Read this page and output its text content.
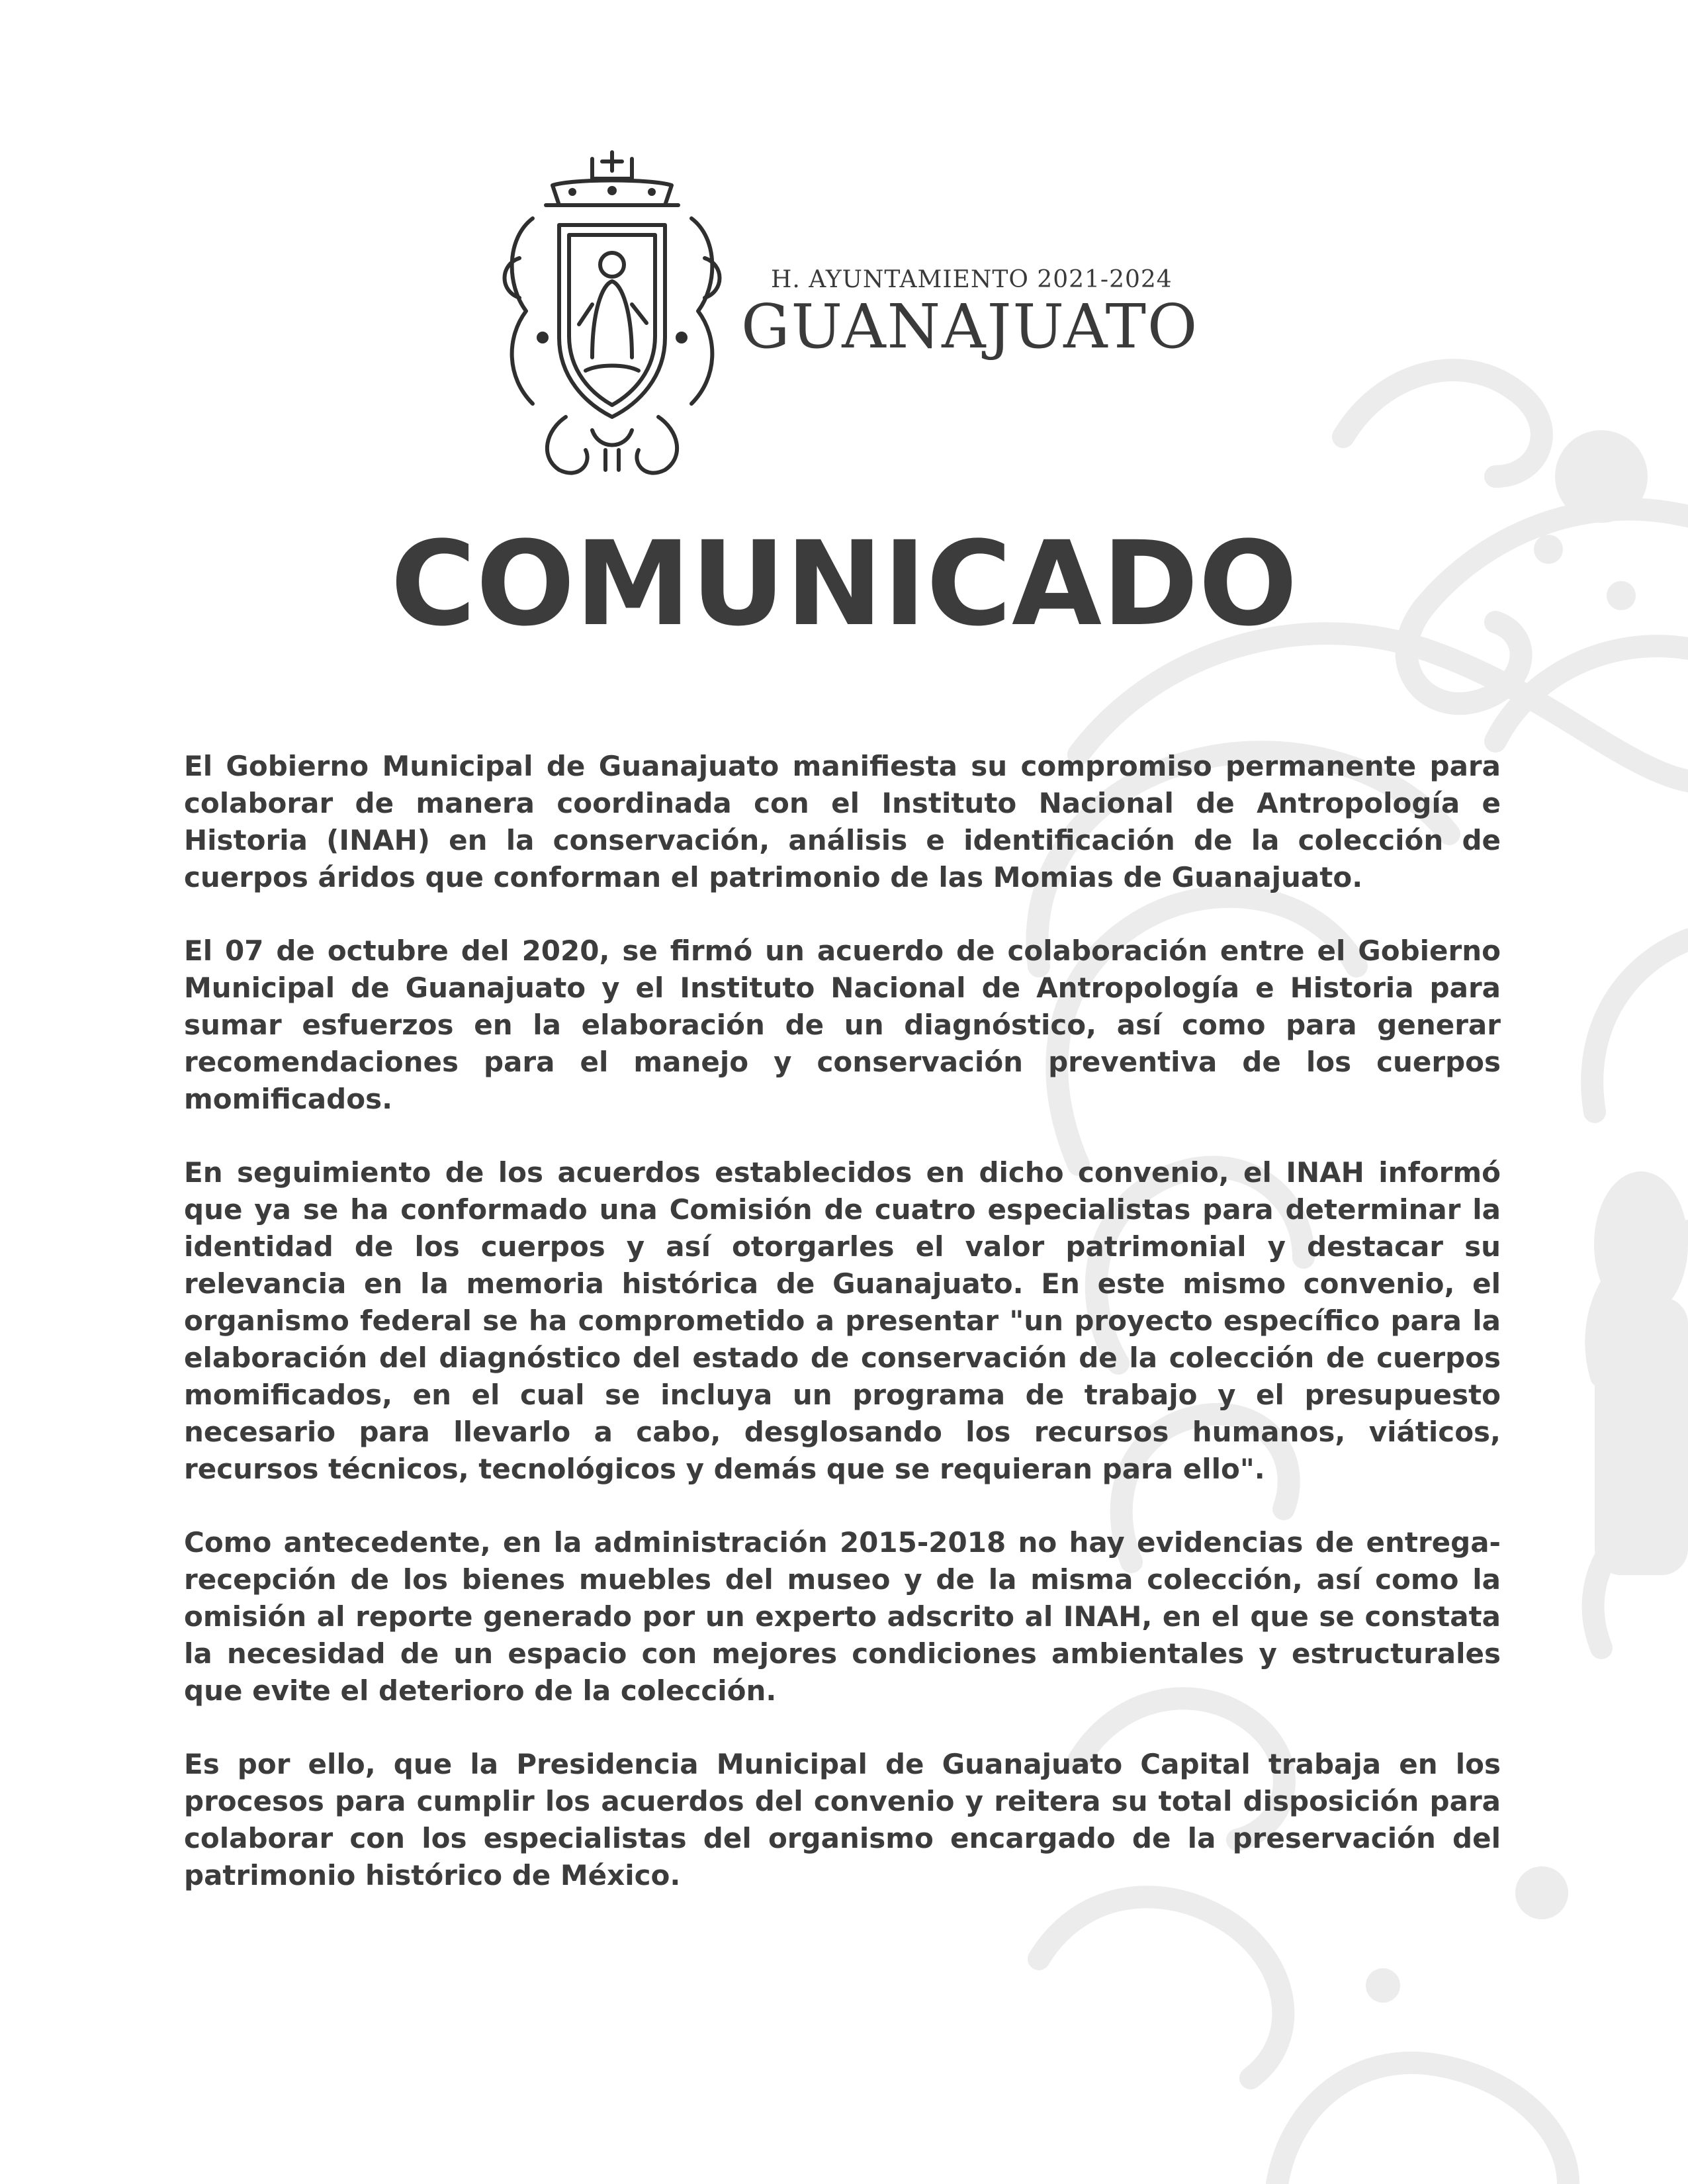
H. AYUNTAMIENTO 2021-2024

GUANAJUATO

COMUNICADO

El Gobierno Municipal de Guanajuato manifiesta su compromiso permanente para colaborar de manera coordinada con el Instituto Nacional de Antropología e Historia (INAH) en la conservación, análisis e identificación de la colección de cuerpos áridos que conforman el patrimonio de las Momias de Guanajuato.

El 07 de octubre del 2020, se firmó un acuerdo de colaboración entre el Gobierno Municipal de Guanajuato y el Instituto Nacional de Antropología e Historia para sumar esfuerzos en la elaboración de un diagnóstico, así como para generar recomendaciones para el manejo y conservación preventiva de los cuerpos momificados.

En seguimiento de los acuerdos establecidos en dicho convenio, el INAH informó que ya se ha conformado una Comisión de cuatro especialistas para determinar la identidad de los cuerpos y así otorgarles el valor patrimonial y destacar su relevancia en la memoria histórica de Guanajuato. En este mismo convenio, el organismo federal se ha comprometido a presentar "un proyecto específico para la elaboración del diagnóstico del estado de conservación de la colección de cuerpos momificados, en el cual se incluya un programa de trabajo y el presupuesto necesario para llevarlo a cabo, desglosando los recursos humanos, viáticos, recursos técnicos, tecnológicos y demás que se requieran para ello".

Como antecedente, en la administración 2015-2018 no hay evidencias de entrega-recepción de los bienes muebles del museo y de la misma colección, así como la omisión al reporte generado por un experto adscrito al INAH, en el que se constata la necesidad de un espacio con mejores condiciones ambientales y estructurales que evite el deterioro de la colección.

Es por ello, que la Presidencia Municipal de Guanajuato Capital trabaja en los procesos para cumplir los acuerdos del convenio y reitera su total disposición para colaborar con los especialistas del organismo encargado de la preservación del patrimonio histórico de México.
